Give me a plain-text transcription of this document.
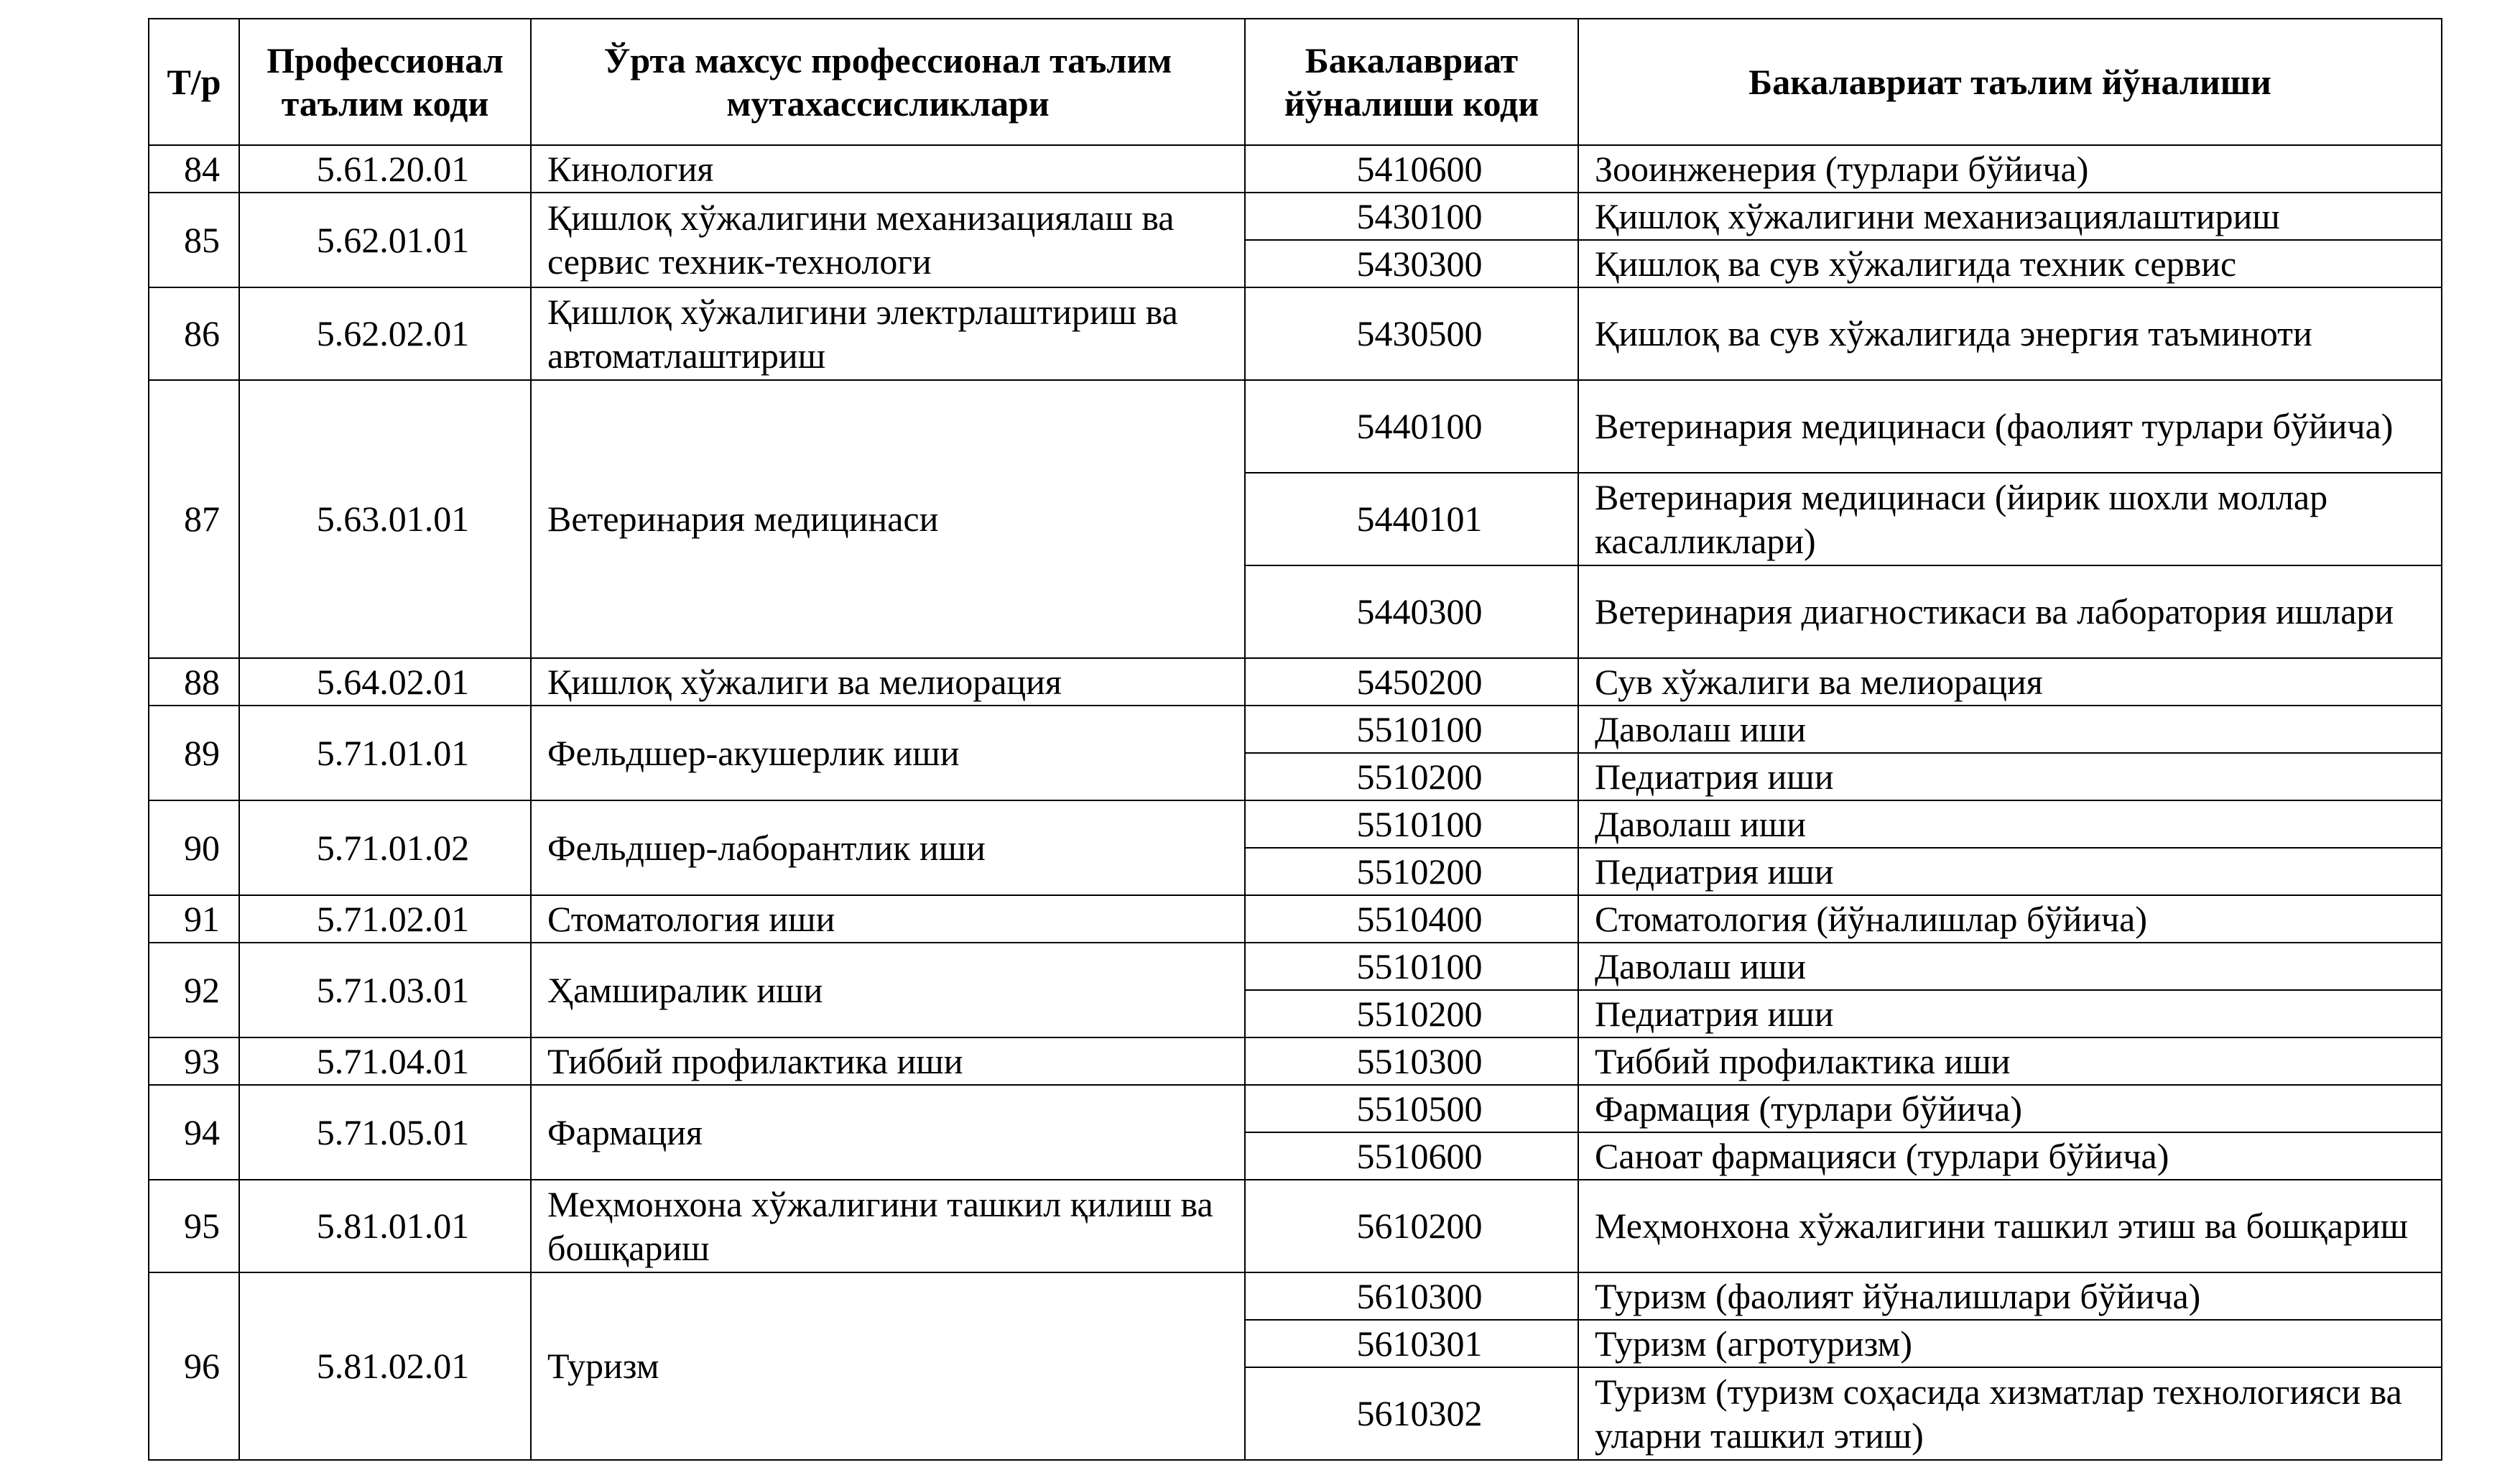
Т/р	Профессионал таълим коди	Ўрта махсус профессионал таълим мутахассисликлари	Бакалавриат йўналиши коди	Бакалавриат таълим йўналиши
84	5.61.20.01	Кинология	5410600	Зооинженерия (турлари бўйича)
85	5.62.01.01	Қишлоқ хўжалигини механизациялаш ва сервис техник-технологи	5430100	Қишлоқ хўжалигини механизациялаштириш
			5430300	Қишлоқ ва сув хўжалигида техник сервис
86	5.62.02.01	Қишлоқ хўжалигини электрлаштириш ва автоматлаштириш	5430500	Қишлоқ ва сув хўжалигида энергия таъминоти
87	5.63.01.01	Ветеринария медицинаси	5440100	Ветеринария медицинаси (фаолият турлари бўйича)
			5440101	Ветеринария медицинаси (йирик шохли моллар касалликлари)
			5440300	Ветеринария диагностикаси ва лаборатория ишлари
88	5.64.02.01	Қишлоқ хўжалиги ва мелиорация	5450200	Сув хўжалиги ва мелиорация
89	5.71.01.01	Фельдшер-акушерлик иши	5510100	Даволаш иши
			5510200	Педиатрия иши
90	5.71.01.02	Фельдшер-лаборантлик иши	5510100	Даволаш иши
			5510200	Педиатрия иши
91	5.71.02.01	Стоматология иши	5510400	Стоматология (йўналишлар бўйича)
92	5.71.03.01	Ҳамширалик иши	5510100	Даволаш иши
			5510200	Педиатрия иши
93	5.71.04.01	Тиббий профилактика иши	5510300	Тиббий профилактика иши
94	5.71.05.01	Фармация	5510500	Фармация (турлари бўйича)
			5510600	Саноат фармацияси (турлари бўйича)
95	5.81.01.01	Меҳмонхона хўжалигини ташкил қилиш ва бошқариш	5610200	Меҳмонхона хўжалигини ташкил этиш ва бошқариш
96	5.81.02.01	Туризм	5610300	Туризм (фаолият йўналишлари бўйича)
			5610301	Туризм (агротуризм)
			5610302	Туризм (туризм соҳасида хизматлар технологияси ва уларни ташкил этиш)
